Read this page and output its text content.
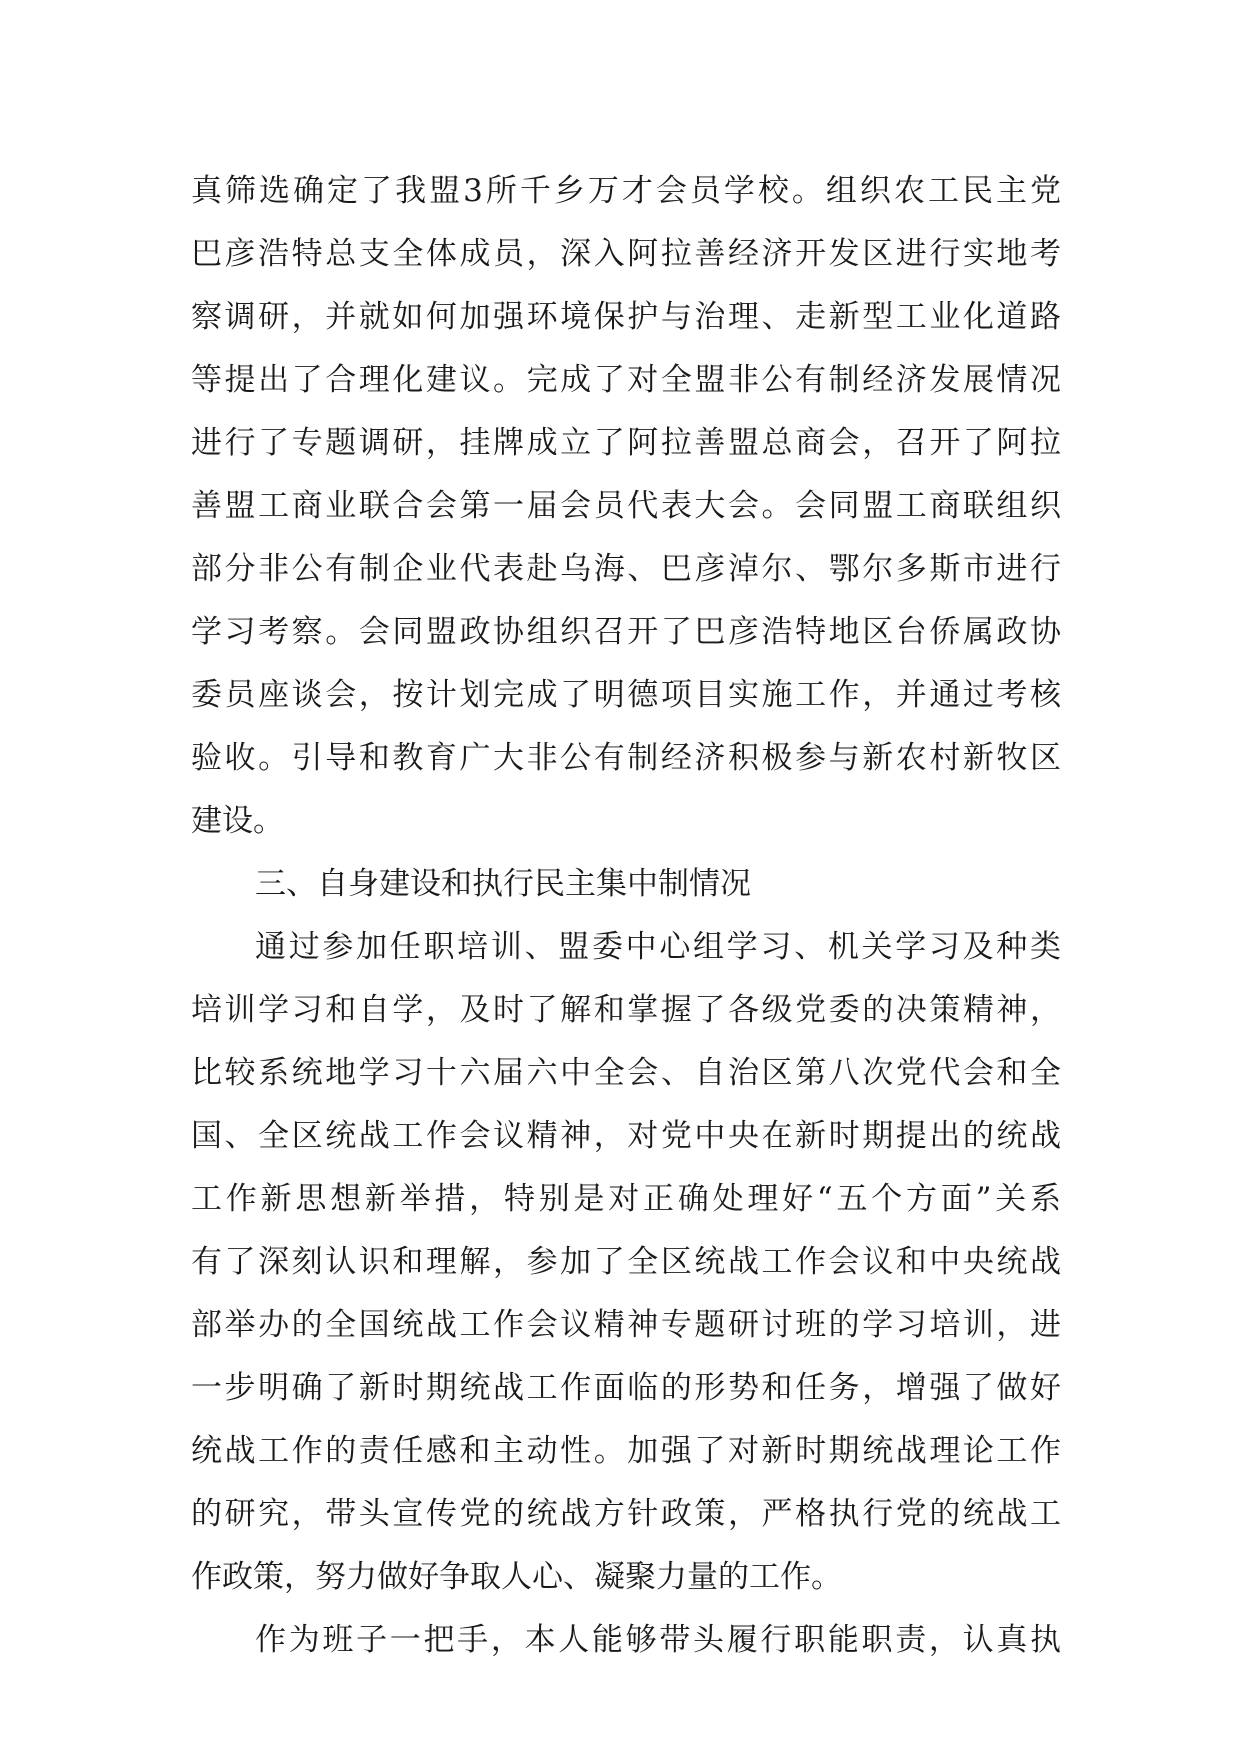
真筛选确定了我盟3所千乡万才会员学校。组织农工民主党
巴彦浩特总支全体成员，深入阿拉善经济开发区进行实地考
察调研，并就如何加强环境保护与治理、走新型工业化道路
等提出了合理化建议。完成了对全盟非公有制经济发展情况
进行了专题调研，挂牌成立了阿拉善盟总商会，召开了阿拉
善盟工商业联合会第一届会员代表大会。会同盟工商联组织
部分非公有制企业代表赴乌海、巴彦淖尔、鄂尔多斯市进行
学习考察。会同盟政协组织召开了巴彦浩特地区台侨属政协
委员座谈会，按计划完成了明德项目实施工作，并通过考核
验收。引导和教育广大非公有制经济积极参与新农村新牧区
建设。
三、自身建设和执行民主集中制情况
通过参加任职培训、盟委中心组学习、机关学习及种类
培训学习和自学，及时了解和掌握了各级党委的决策精神，
比较系统地学习十六届六中全会、自治区第八次党代会和全
国、全区统战工作会议精神，对党中央在新时期提出的统战
工作新思想新举措，特别是对正确处理好“五个方面”关系
有了深刻认识和理解，参加了全区统战工作会议和中央统战
部举办的全国统战工作会议精神专题研讨班的学习培训，进
一步明确了新时期统战工作面临的形势和任务，增强了做好
统战工作的责任感和主动性。加强了对新时期统战理论工作
的研究，带头宣传党的统战方针政策，严格执行党的统战工
作政策，努力做好争取人心、凝聚力量的工作。
作为班子一把手，本人能够带头履行职能职责，认真执
